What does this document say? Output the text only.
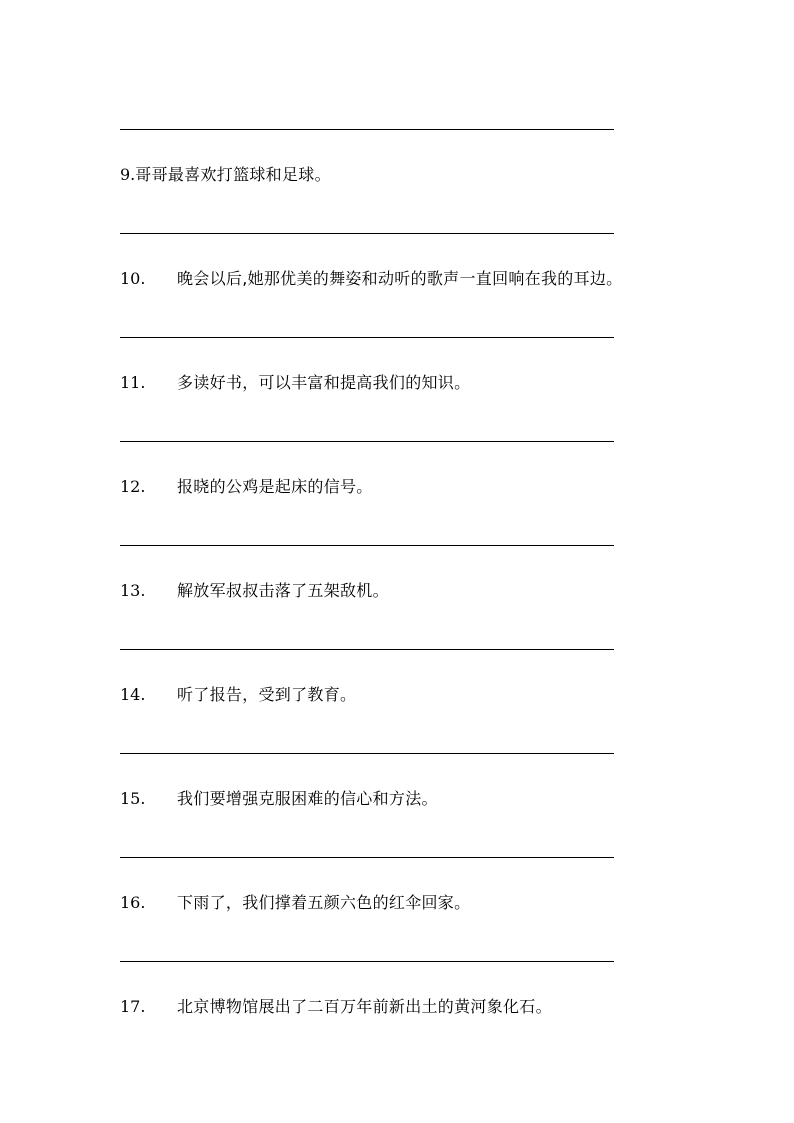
9.哥哥最喜欢打篮球和足球。
10. 晚会以后,她那优美的舞姿和动听的歌声一直回响在我的耳边。
11. 多读好书，可以丰富和提高我们的知识。
12. 报晓的公鸡是起床的信号。
13. 解放军叔叔击落了五架敌机。
14. 听了报告，受到了教育。
15. 我们要增强克服困难的信心和方法。
16. 下雨了，我们撑着五颜六色的红伞回家。
17. 北京博物馆展出了二百万年前新出土的黄河象化石。
